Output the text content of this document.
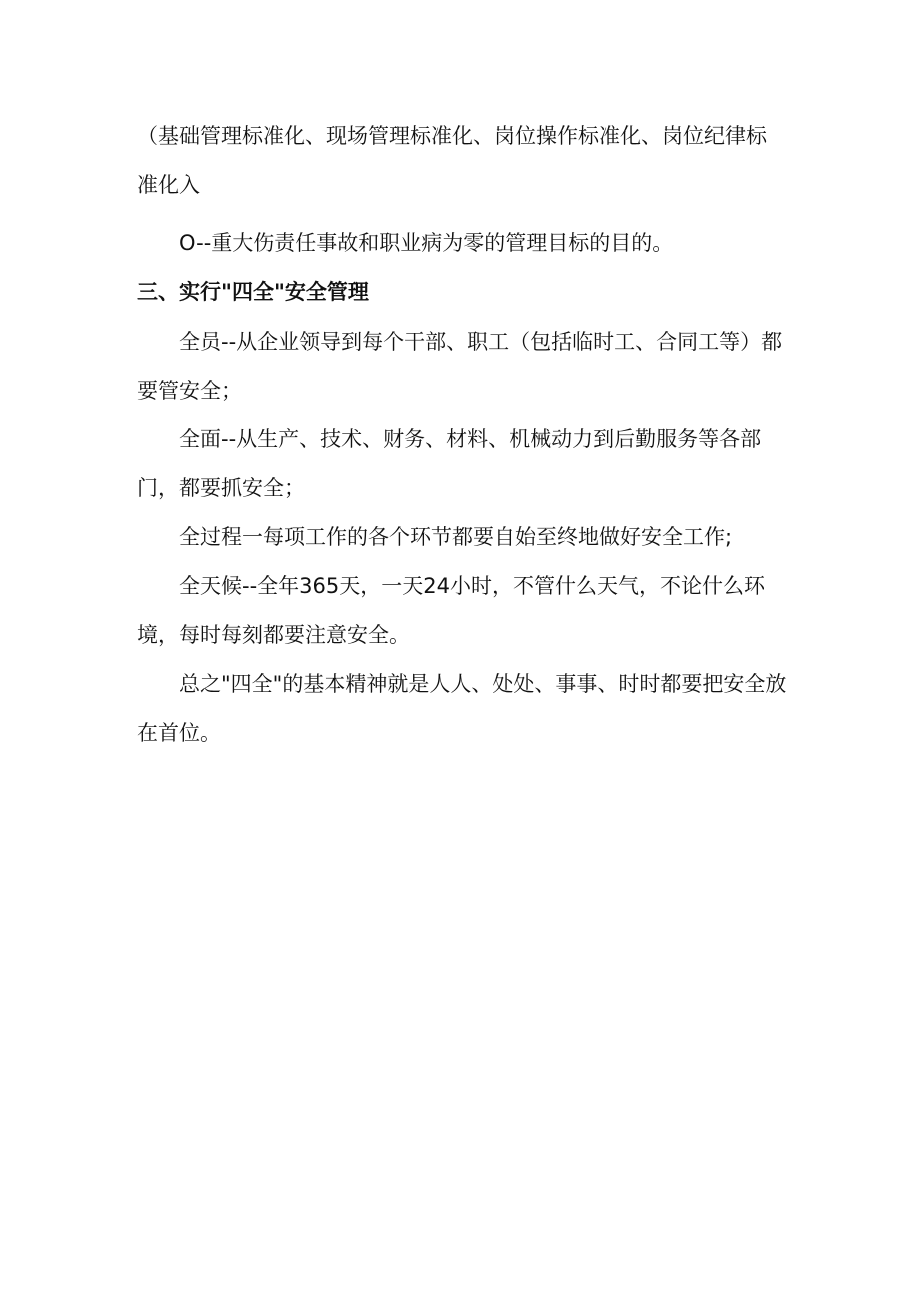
（基础管理标准化、现场管理标准化、岗位操作标准化、岗位纪律标准化入

O--重大伤责任事故和职业病为零的管理目标的目的。

三、实行"四全"安全管理

全员--从企业领导到每个干部、职工（包括临时工、合同工等）都要管安全；

全面--从生产、技术、财务、材料、机械动力到后勤服务等各部门，都要抓安全；

全过程一每项工作的各个环节都要自始至终地做好安全工作;

全天候--全年365天，一天24小时，不管什么天气，不论什么环境，每时每刻都要注意安全。

总之"四全"的基本精神就是人人、处处、事事、时时都要把安全放在首位。
